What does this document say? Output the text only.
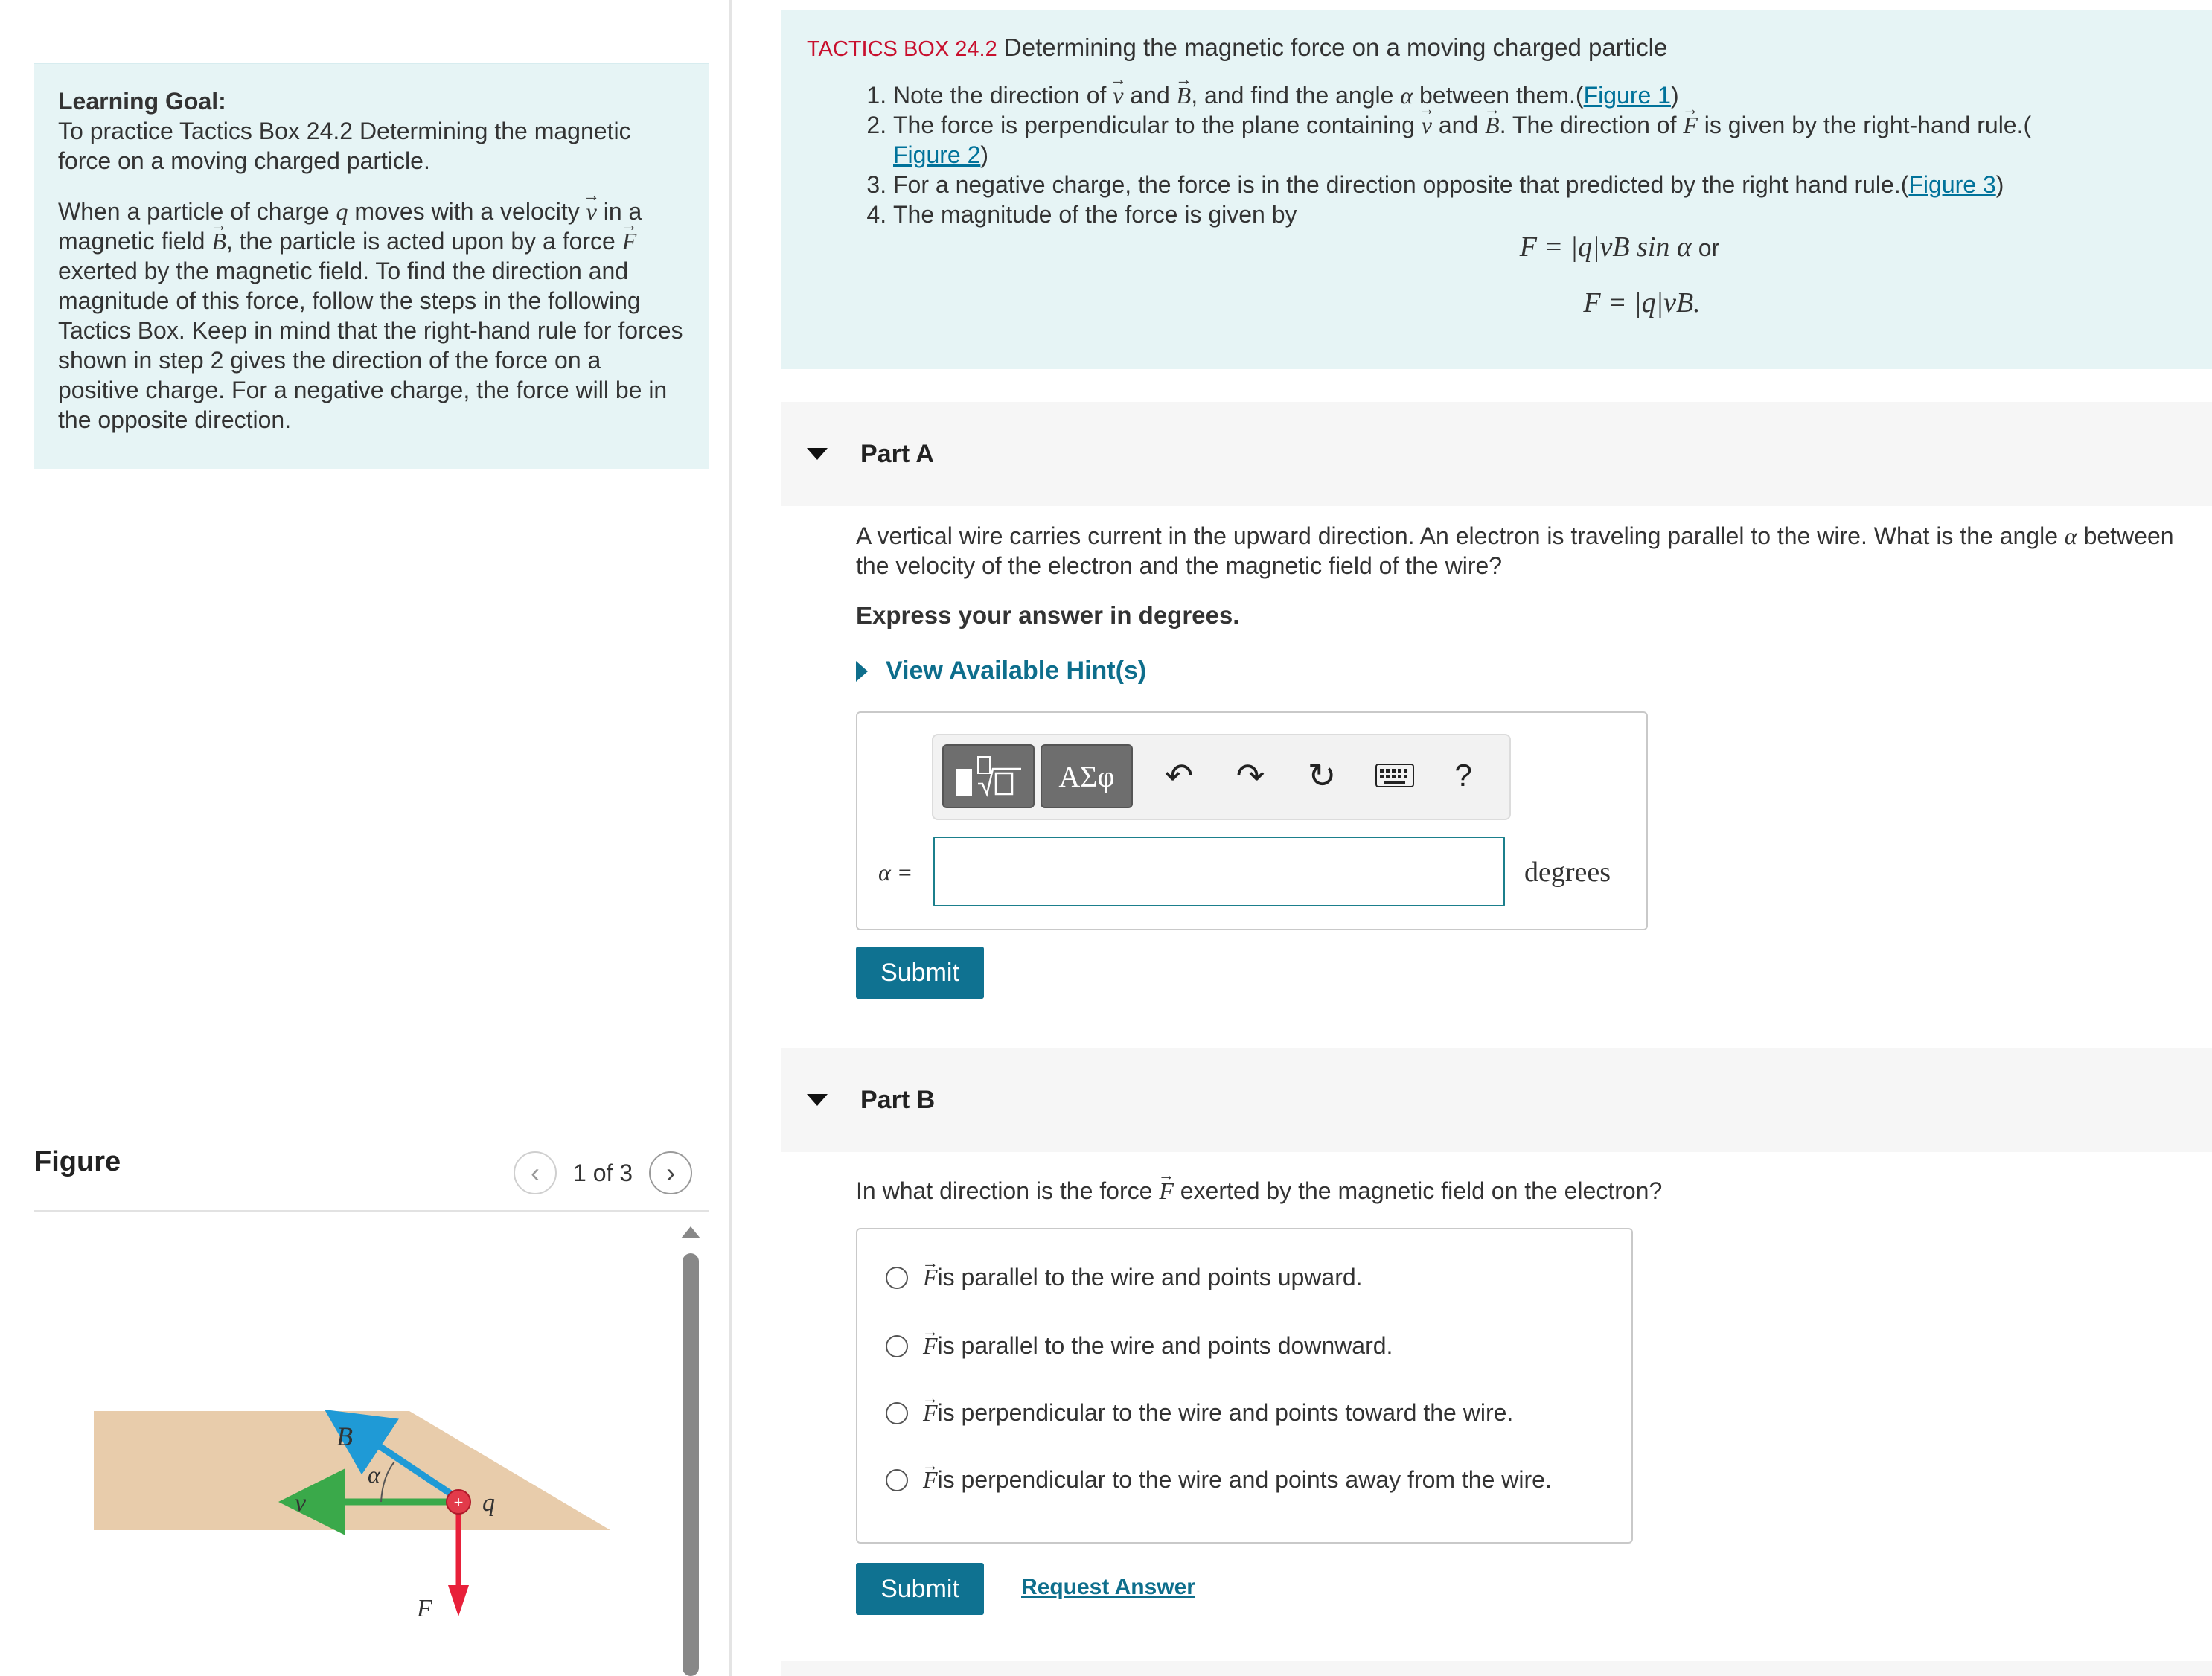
Learning Goal:
To practice Tactics Box 24.2 Determining the magnetic force on a moving charged particle.

When a particle of charge q moves with a velocity → v in a magnetic field → B, the particle is acted upon by a force → F exerted by the magnetic field. To find the direction and magnitude of this force, follow the steps in the following Tactics Box. Keep in mind that the right-hand rule for forces shown in step 2 gives the direction of the force on a positive charge. For a negative charge, the force will be in the opposite direction.

Figure	‹ 1 of 3 ›
+
B
α
v	q
F
TACTICS BOX 24.2 Determining the magnetic force on a moving charged particle
1. Note the direction of → v and → B, and find the angle α between them.(Figure 1)
2. The force is perpendicular to the plane containing → v and → B. The direction of → F is given by the right-hand rule.(
Figure 2)
3. For a negative charge, the force is in the direction opposite that predicted by the right hand rule.(Figure 3)
4. The magnitude of the force is given by

F = |q|vB sin α or

F = |q|vB.

Part A
A vertical wire carries current in the upward direction. An electron is traveling parallel to the wire. What is the angle α between the velocity of the electron and the magnetic field of the wire?
Express your answer in degrees.
View Available Hint(s)
ΑΣφ	↶ ↷ ↻	?
α =	degrees
Submit
Part B
In what direction is the force → F exerted by the magnetic field on the electron?
→ F is parallel to the wire and points upward.
→ F is parallel to the wire and points downward.
→ F is perpendicular to the wire and points toward the wire.
→ F is perpendicular to the wire and points away from the wire.
Submit	Request Answer
